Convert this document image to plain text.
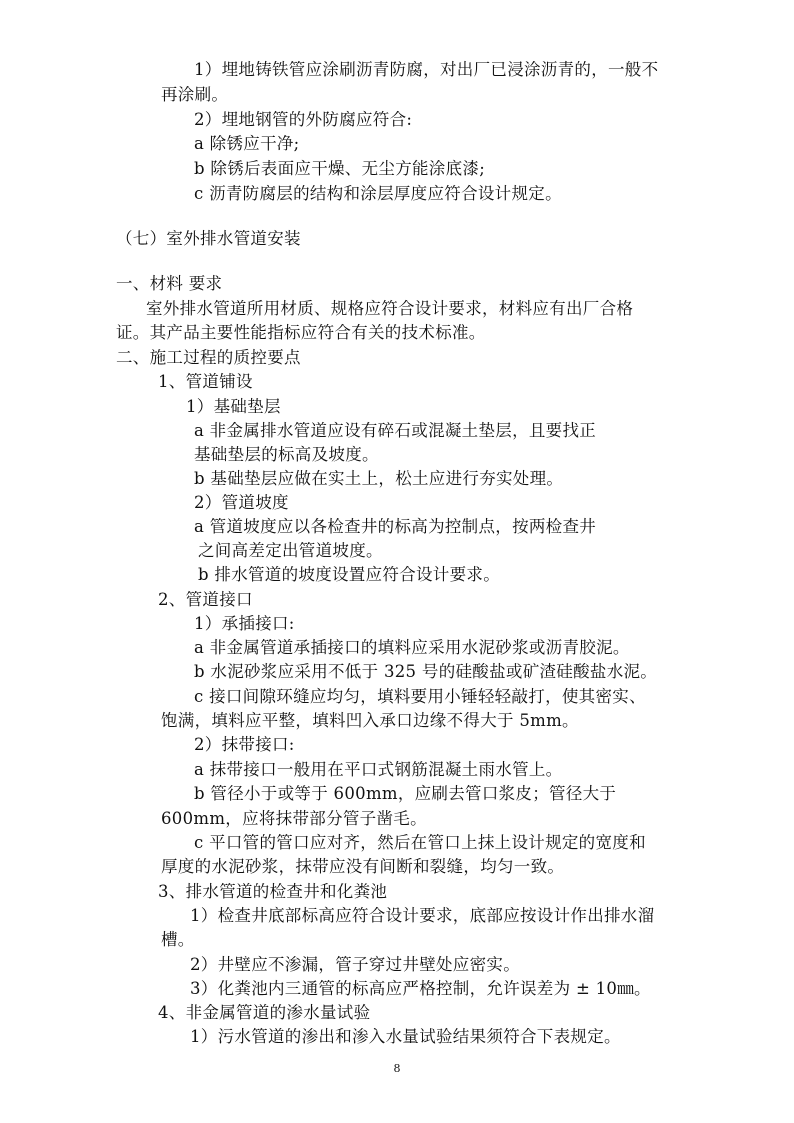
1）埋地铸铁管应涂刷沥青防腐，对出厂已浸涂沥青的，一般不
再涂刷。
2）埋地钢管的外防腐应符合:
a 除锈应干净;
b 除锈后表面应干燥、无尘方能涂底漆;
c 沥青防腐层的结构和涂层厚度应符合设计规定。
（七）室外排水管道安装
一、材料 要求
室外排水管道所用材质、规格应符合设计要求，材料应有出厂合格
证。其产品主要性能指标应符合有关的技术标准。
二、施工过程的质控要点
1、管道铺设
1）基础垫层
a 非金属排水管道应设有碎石或混凝土垫层，且要找正
基础垫层的标高及坡度。
b 基础垫层应做在实土上，松土应进行夯实处理。
2）管道坡度
a 管道坡度应以各检查井的标高为控制点，按两检查井
之间高差定出管道坡度。
b 排水管道的坡度设置应符合设计要求。
2、管道接口
1）承插接口:
a 非金属管道承插接口的填料应采用水泥砂浆或沥青胶泥。
b 水泥砂浆应采用不低于 325 号的硅酸盐或矿渣硅酸盐水泥。
c 接口间隙环缝应均匀，填料要用小锤轻轻敲打，使其密实、
饱满，填料应平整，填料凹入承口边缘不得大于 5mm。
2）抹带接口:
a 抹带接口一般用在平口式钢筋混凝土雨水管上。
b 管径小于或等于 600mm，应刷去管口浆皮；管径大于
600mm，应将抹带部分管子凿毛。
c 平口管的管口应对齐，然后在管口上抹上设计规定的宽度和
厚度的水泥砂浆，抹带应没有间断和裂缝，均匀一致。
3、排水管道的检查井和化粪池
1）检查井底部标高应符合设计要求，底部应按设计作出排水溜
槽。
2）井壁应不渗漏，管子穿过井壁处应密实。
3）化粪池内三通管的标高应严格控制，允许误差为 ± 10㎜。
4、非金属管道的渗水量试验
1）污水管道的渗出和渗入水量试验结果须符合下表规定。
8
